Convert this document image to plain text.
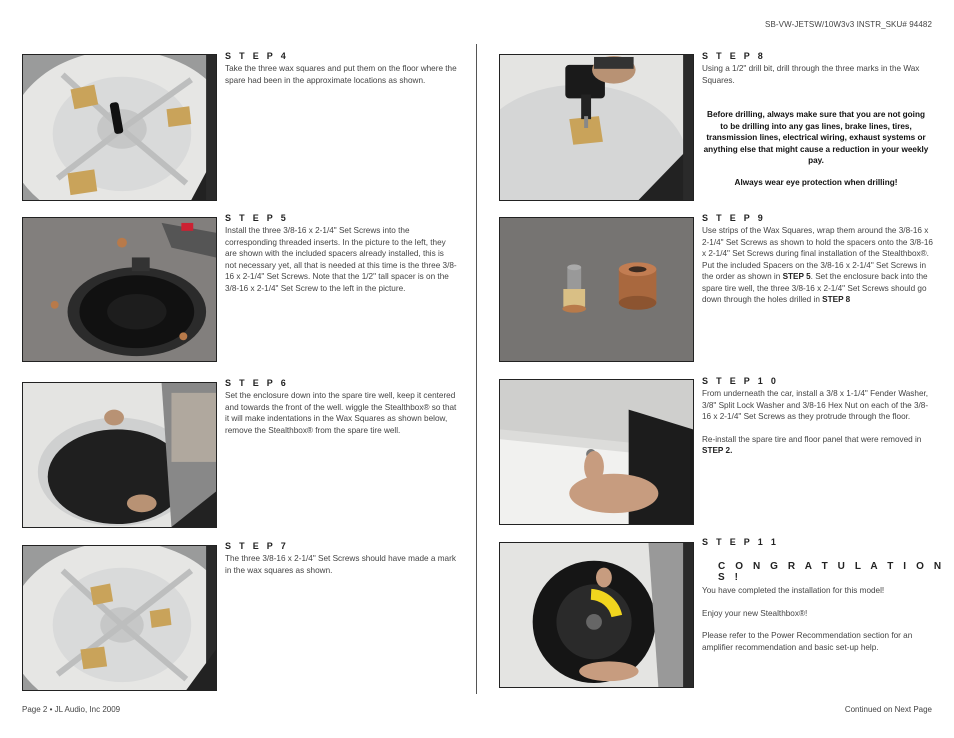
SB-VW-JETSW/10W3v3 INSTR_SKU# 94482
S T E P 4
Take the three wax squares and put them on the floor where the spare had been in the approximate locations as shown.
S T E P 5
Install the three 3/8-16 x 2-1/4" Set Screws into the corresponding threaded inserts. In the picture to the left, they are shown with the included spacers already installed, this is not necessary yet, all that is needed at this time is the three 3/8-16 x 2-1/4" Set Screws. Note that the 1/2" tall spacer is on the 3/8-16 x 2-1/4" Set Screw to the left in the picture.
S T E P 6
Set the enclosure down into the spare tire well, keep it centered and towards the front of the well. wiggle the Stealthbox® so that it will make indentations in the Wax Squares as shown below, remove the Stealthbox® from the spare tire well.
S T E P 7
The three 3/8-16 x 2-1/4" Set Screws should have made a mark in the wax squares as shown.
S T E P 8
Using a 1/2" drill bit, drill through the three marks in the Wax Squares.
Before drilling, always make sure that you are not going to be drilling into any gas lines, brake lines, tires, transmission lines, electrical wiring, exhaust systems or anything else that might cause a reduction in your weekly pay.
Always wear eye protection when drilling!
S T E P 9
Use strips of the Wax Squares, wrap them around the 3/8-16 x 2-1/4" Set Screws as shown to hold the spacers onto the 3/8-16 x 2-1/4" Set Screws during final installation of the Stealthbox®. Put the included Spacers on the 3/8-16 x 2-1/4" Set Screws in the order as shown in STEP 5. Set the enclosure back into the spare tire well, the three 3/8-16 x 2-1/4" Set Screws should go down through the holes drilled in STEP 8
S T E P 1 0
From underneath the car, install a 3/8 x 1-1/4" Fender Washer, 3/8" Split Lock Washer and 3/8-16 Hex Nut on each of the 3/8-16 x 2-1/4" Set Screws as they protrude through the floor.
Re-install the spare tire and floor panel that were removed in STEP 2.
S T E P 1 1
C O N G R A T U L A T I O N S !
You have completed the installation for this model!
Enjoy your new Stealthbox®!
Please refer to the Power Recommendation section for an amplifier recommendation and basic set-up help.
Page 2 • JL Audio, Inc 2009	Continued on Next Page
